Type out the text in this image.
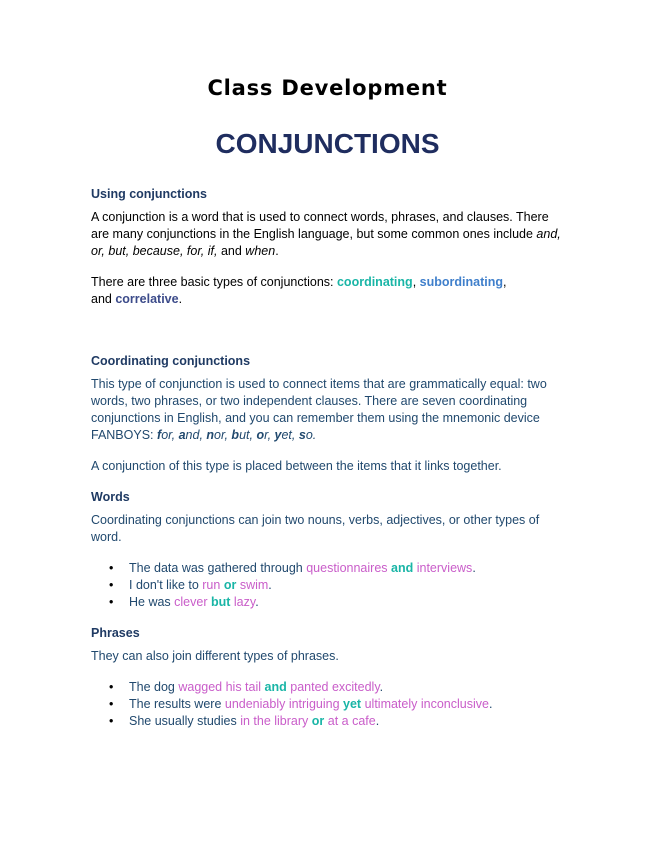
Class Development
CONJUNCTIONS
Using conjunctions

A conjunction is a word that is used to connect words, phrases, and clauses. There are many conjunctions in the English language, but some common ones include and, or, but, because, for, if, and when.

There are three basic types of conjunctions: coordinating, subordinating,
and correlative.

Coordinating conjunctions

This type of conjunction is used to connect items that are grammatically equal: two words, two phrases, or two independent clauses. There are seven coordinating conjunctions in English, and you can remember them using the mnemonic device FANBOYS: for, and, nor, but, or, yet, so.

A conjunction of this type is placed between the items that it links together.

Words

Coordinating conjunctions can join two nouns, verbs, adjectives, or other types of word.

• The data was gathered through questionnaires and interviews.
• I don't like to run or swim.
• He was clever but lazy.
Phrases

They can also join different types of phrases.

• The dog wagged his tail and panted excitedly.
• The results were undeniably intriguing yet ultimately inconclusive.
• She usually studies in the library or at a cafe.
